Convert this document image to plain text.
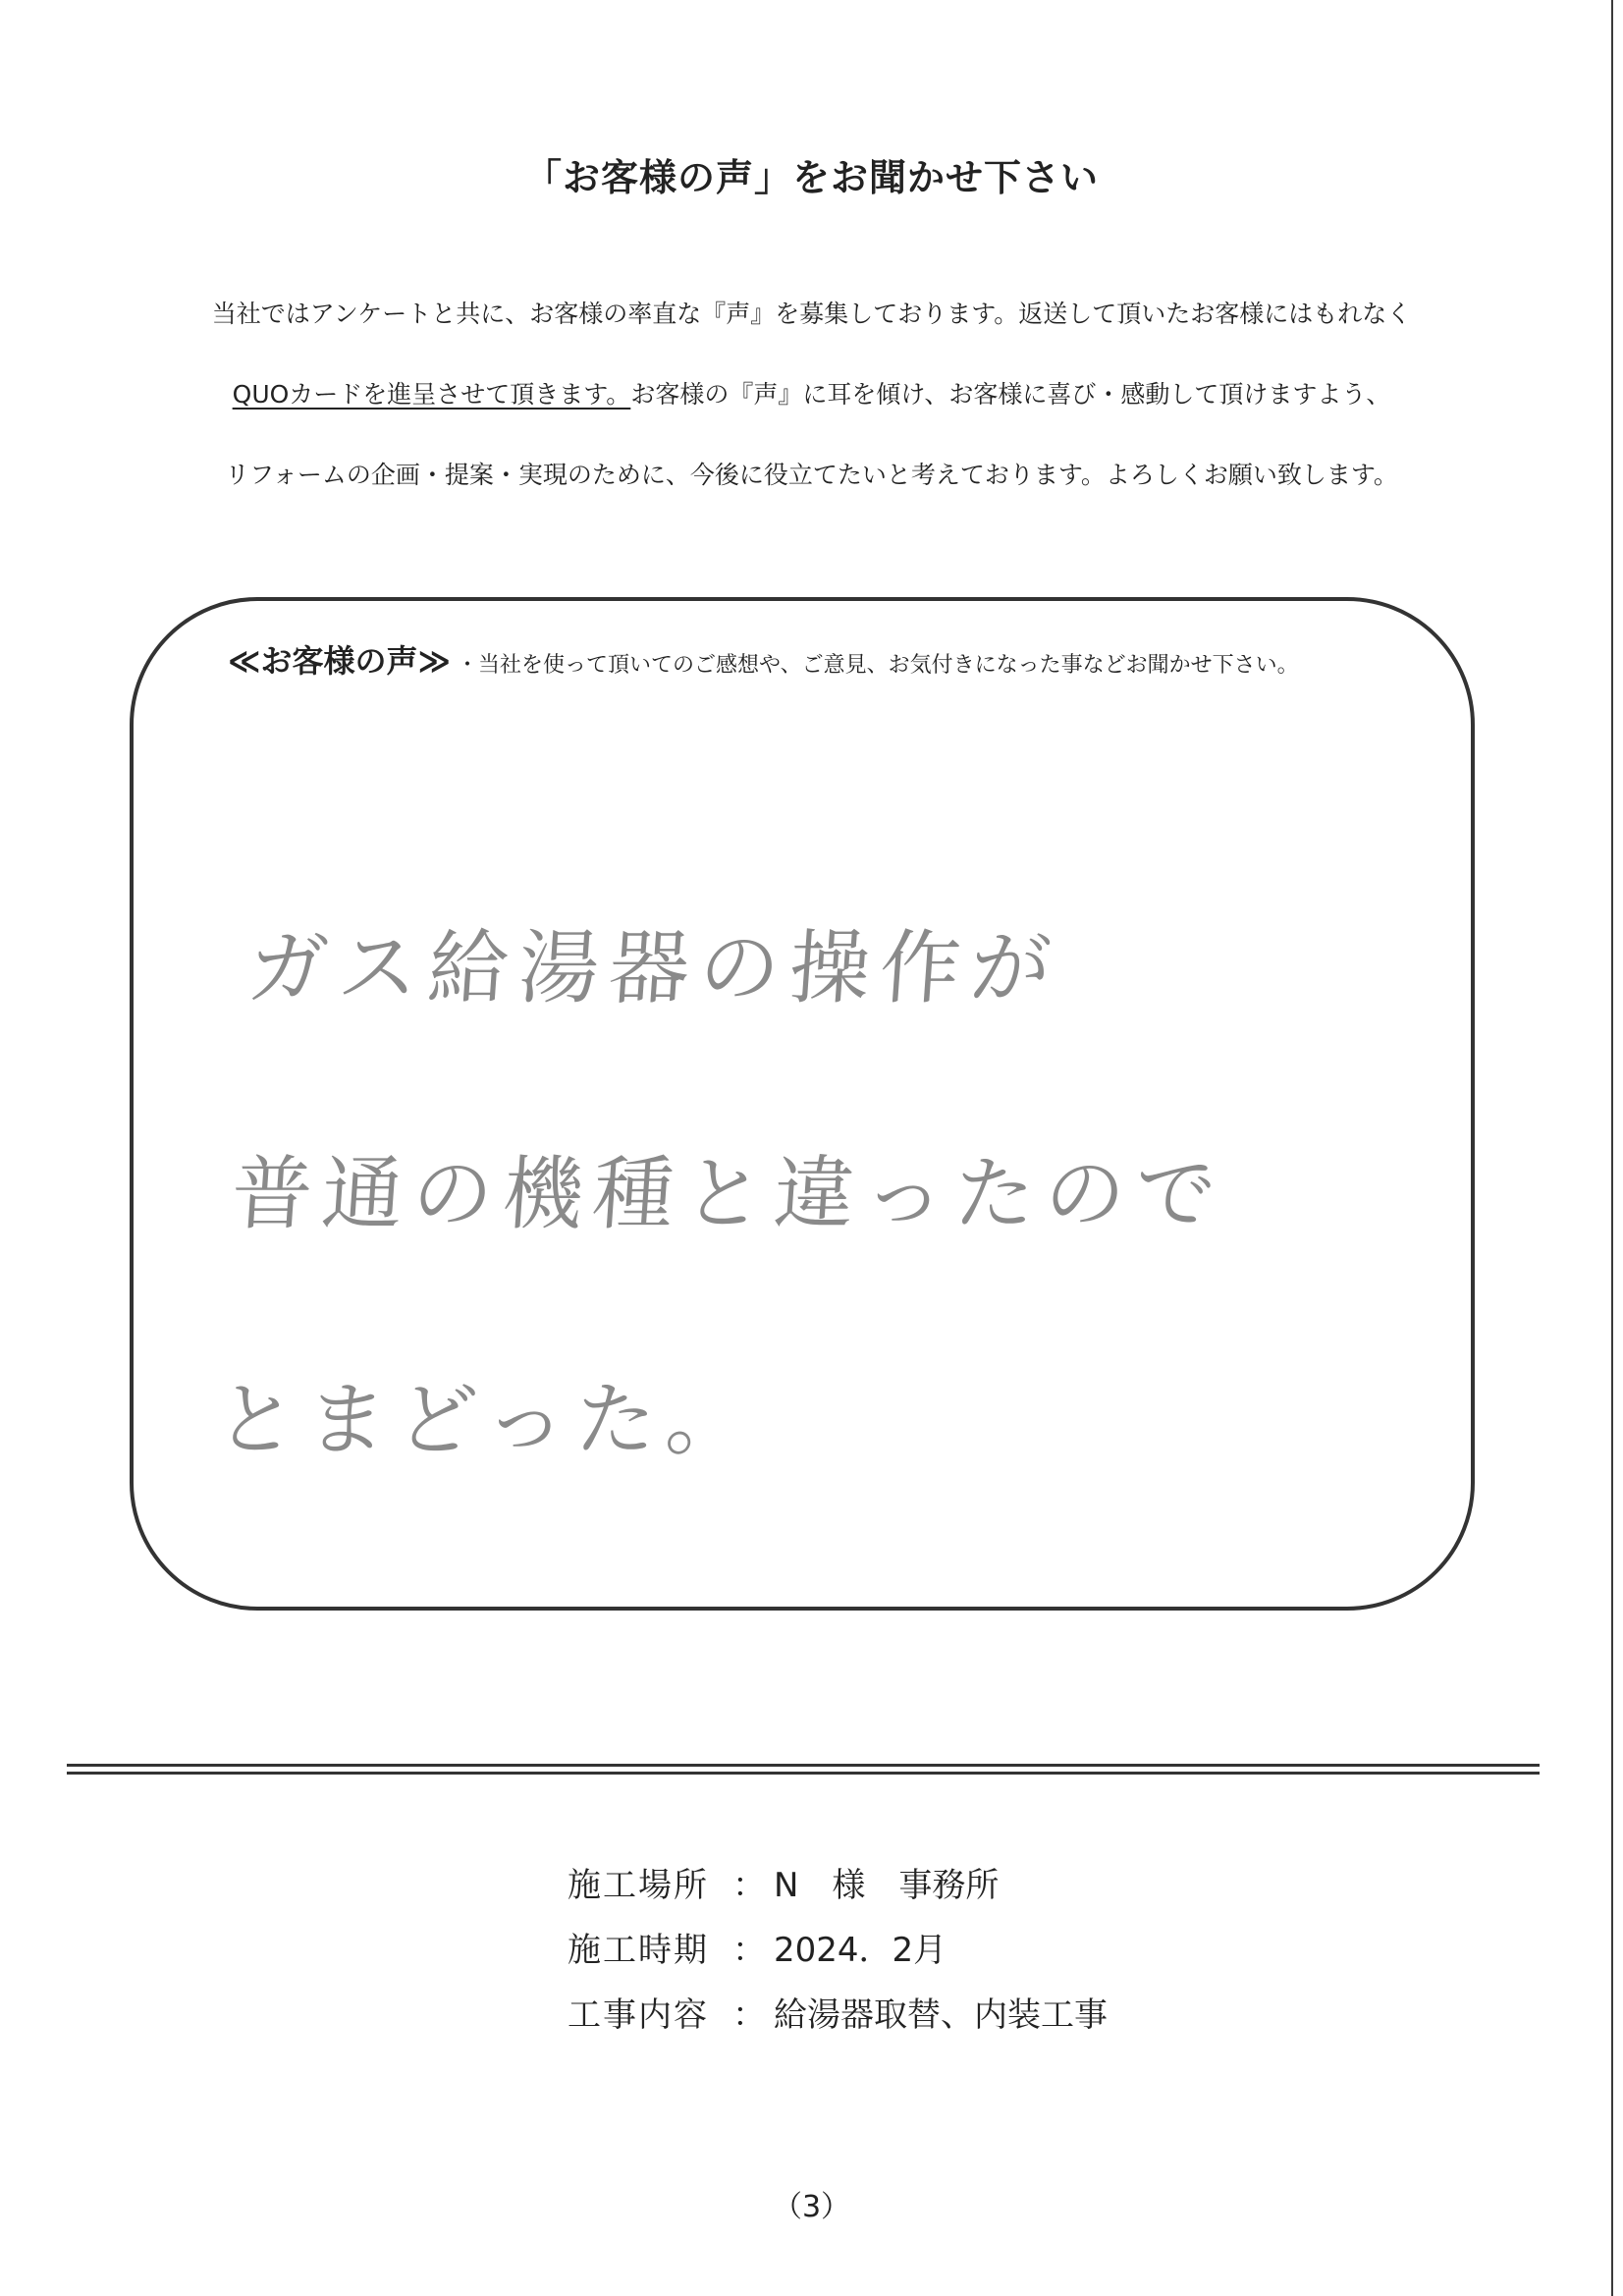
「お客様の声」をお聞かせ下さい

当社ではアンケートと共に、お客様の率直な『声』を募集しております。返送して頂いたお客様にはもれなく

QUOカードを進呈させて頂きます。お客様の『声』に耳を傾け、お客様に喜び・感動して頂けますよう、

リフォームの企画・提案・実現のために、今後に役立てたいと考えております。よろしくお願い致します。

≪お客様の声≫ ・当社を使って頂いてのご感想や、ご意見、お気付きになった事などお聞かせ下さい。
ガス給湯器の操作が
普通の機種と違ったので
とまどった。
施工場所 ： N　様　事務所
施工時期 ： 2024．2月
工事内容 ： 給湯器取替、内装工事
（3）
